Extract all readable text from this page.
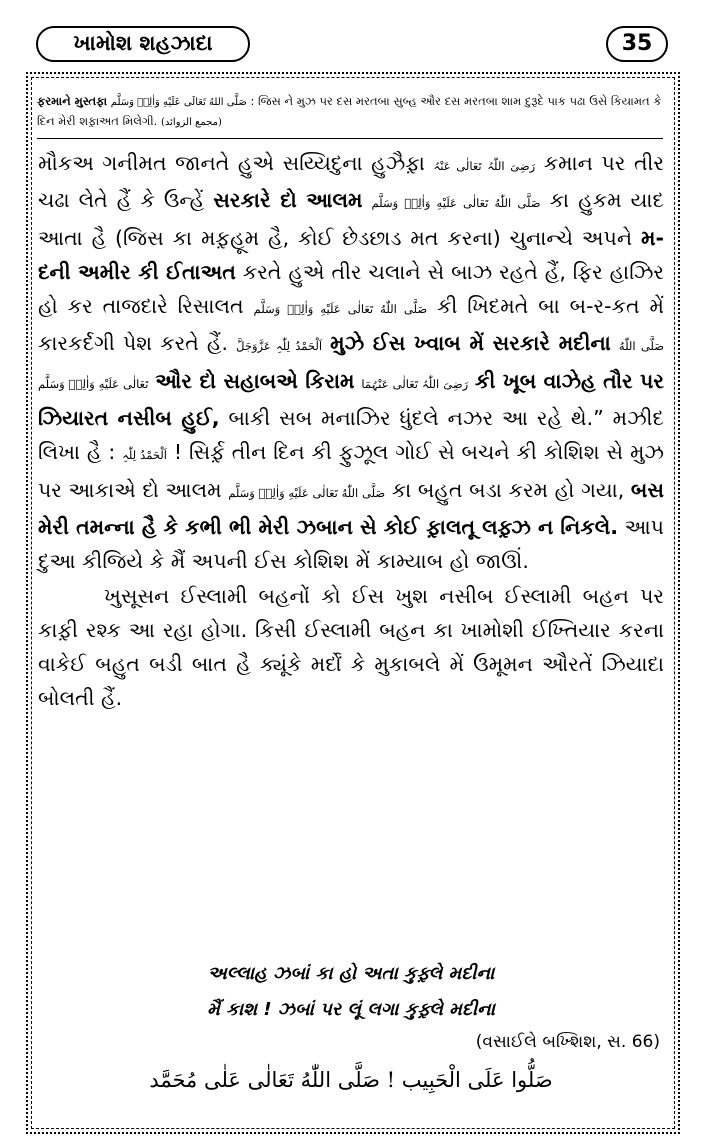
ખામોશ શહઝાદા	35
ફરમાને મુસ્તફા صَلَّى اللهُ تَعَالَى عَلَيْهِ وَاٰلِهٖ وَسَلَّم : જિસ ને મુઝ પર દસ મરતબા સુબ્હ ઔર દસ મરતબા શામ દુરૂદે પાક પઢા ઉસે કિયામત કે દિન મેરી શફ઼ાઅત મિલેગી. (مجمع الزوائد)

મૌકઅ ગનીમત જાનતે હુએ સય્યિદુના હુઝૈફ઼ા رَضِیَ اللّٰہُ تَعَالٰی عَنْہُ કમાન પર તીર ચઢા લેતે હૈં કે ઉન્હેં સરકારે દો આલમ صَلَّى اللّٰهُ تَعَالٰى عَلَيْهِ وَاٰلِهٖ وَسَلَّم કા હુકમ યાદ આતા હૈ (જિસ કા મફ઼હૂમ હૈ, કોઈ છેડછાડ મત કરના) ચુનાન્ચે અપને મ-દની અમીર કી ઈતાઅત કરતે હુએ તીર ચલાને સે બાઝ રહતે હૈં, ફિર હાઝિર હો કર તાજદારે રિસાલત صَلَّى اللّٰهُ تَعَالٰى عَلَيْهِ وَاٰلِهٖ وَسَلَّم કી ખિદમતે બા બ-ર-કત મેં કારકર્દગી પેશ કરતે હૈં. اَلْحَمْدُ لِلّٰہِ عَزَّوَجَلَّ મુઝે ઈસ ખ્વાબ મેં સરકારે મદીના صَلَّى اللّٰهُ تَعَالٰى عَلَيْهِ وَاٰلِهٖ وَسَلَّم ઔર દો સહાબએ કિરામ رَضِیَ اللّٰہُ تَعَالٰی عَنْہُمَا કી ખૂબ વાઝેહ તૌર પર ઝિયારત નસીબ હુઈ, બાકી સબ મનાઝિર ધુંદલે નઝર આ રહે થે.” મઝીદ લિખા હૈ : اَلْحَمْدُ لِلّٰہِ ! સિર્ફ઼ તીન દિન કી ફુઝૂલ ગોઈ સે બચને કી કોશિશ સે મુઝ પર આકાએ દો આલમ صَلَّى اللّٰهُ تَعَالٰى عَلَيْهِ وَاٰلِهٖ وَسَلَّم કા બહુત બડા કરમ હો ગયા, બસ મેરી તમન્ના હૈ કે કભી ભી મેરી ઝબાન સે કોઈ ફ઼ાલતૂ લફ઼્ઝ ન નિકલે. આપ દુઆ કીજિયે કે મૈં અપની ઈસ કોશિશ મેં કામ્યાબ હો જાઊં.

ખુસૂસન ઈસ્લામી બહનોં કો ઈસ ખુશ નસીબ ઈસ્લામી બહન પર કાફ઼ી રશ્ક આ રહા હોગા. કિસી ઈસ્લામી બહન કા ખામોશી ઈખ્તિયાર કરના વાકેઈ બહુત બડી બાત હૈ ક્યૂંકે મર્દોં કે મુકાબલે મેં ઉમૂમન ઔરતેં ઝિયાદા બોલતી હૈં.

અલ્લાહ ઝબાં કા હો અતા કુફ઼્લે મદીના
મૈં કાશ ! ઝબાં પર લૂં લગા કુફ઼્લે મદીના
(વસાઈલે બખ્શિશ, સ. 66)
صَلُّوا عَلَى الْحَبِيب ! صَلَّى اللّٰهُ تَعَالٰى عَلٰى مُحَمَّد
